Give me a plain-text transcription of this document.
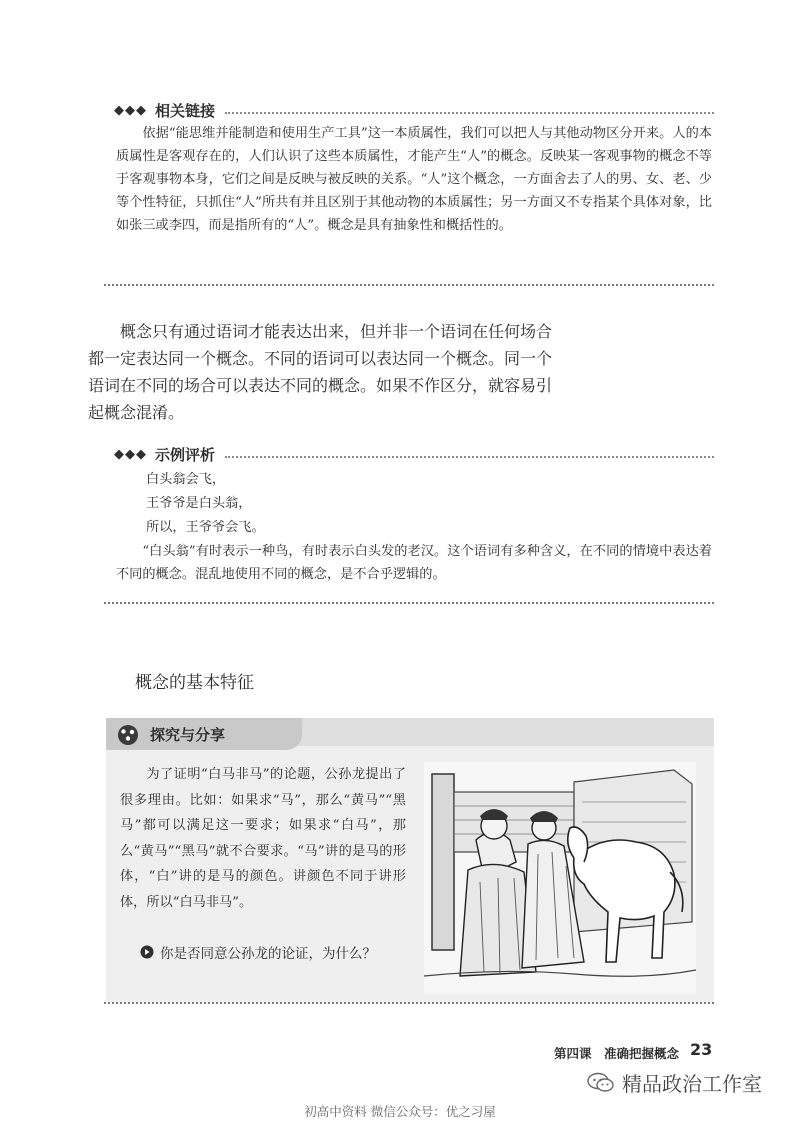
◆◆◆ 相关链接
依据“能思维并能制造和使用生产工具”这一本质属性，我们可以把人与其他动物区分开来。人的本质属性是客观存在的，人们认识了这些本质属性，才能产生“人”的概念。反映某一客观事物的概念不等于客观事物本身，它们之间是反映与被反映的关系。“人”这个概念，一方面舍去了人的男、女、老、少等个性特征，只抓住“人”所共有并且区别于其他动物的本质属性；另一方面又不专指某个具体对象，比如张三或李四，而是指所有的“人”。概念是具有抽象性和概括性的。
概念只有通过语词才能表达出来，但并非一个语词在任何场合都一定表达同一个概念。不同的语词可以表达同一个概念。同一个语词在不同的场合可以表达不同的概念。如果不作区分，就容易引起概念混淆。
◆◆◆ 示例评析
白头翁会飞，
王爷爷是白头翁，
所以，王爷爷会飞。
“白头翁”有时表示一种鸟，有时表示白头发的老汉。这个语词有多种含义，在不同的情境中表达着不同的概念。混乱地使用不同的概念，是不合乎逻辑的。
概念的基本特征
探究与分享
为了证明“白马非马”的论题，公孙龙提出了很多理由。比如：如果求“马”，那么“黄马”“黑马”都可以满足这一要求；如果求“白马”，那么“黄马”“黑马”就不合要求。“马”讲的是马的形体，“白”讲的是马的颜色。讲颜色不同于讲形体，所以“白马非马”。
你是否同意公孙龙的论证，为什么？
第四课　准确把握概念 23
精品政治工作室
初高中资料 微信公众号：优之习屋
